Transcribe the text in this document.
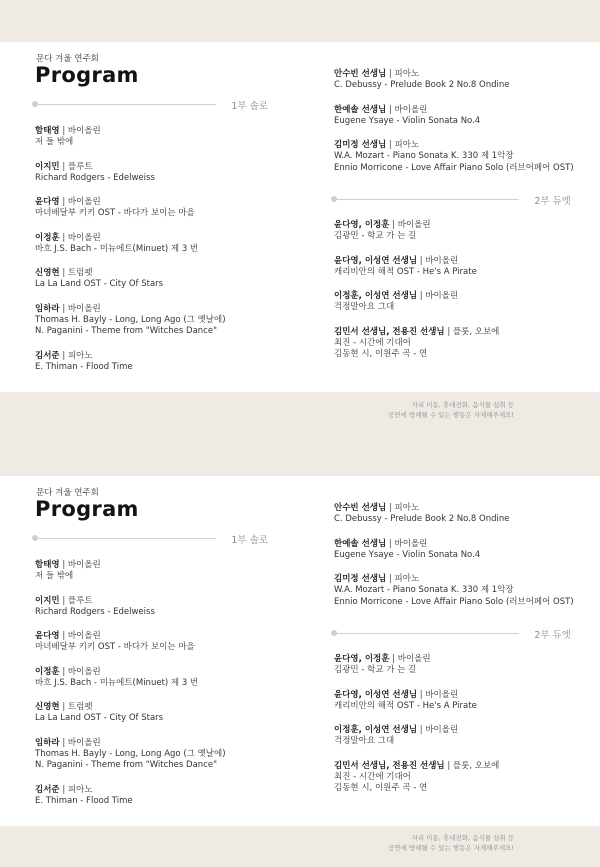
문다 겨울 연주회
Program
1부 솔로
함태영 | 바이올린
저 들 밖에
이지민 | 플루트
Richard Rodgers - Edelweiss
윤다영 | 바이올린
마녀배달부 키키 OST - 바다가 보이는 마을
이정훈 | 바이올린
바흐 J.S. Bach - 미뉴에트(Minuet) 제 3 번
신영현 | 트럼펫
La La Land OST - City Of Stars
임하라 | 바이올린
Thomas H. Bayly - Long, Long Ago (그 옛날에)
N. Paganini - Theme from "Witches Dance"
김서준 | 피아노
E. Thiman - Flood Time
안수빈 선생님 | 피아노
C. Debussy - Prelude Book 2 No.8 Ondine
한예솔 선생님 | 바이올린
Eugene Ysaye - Violin Sonata No.4
김미정 선생님 | 피아노
W.A. Mozart - Piano Sonata K. 330 제 1악장
Ennio Morricone - Love Affair Piano Solo (러브어페어 OST)
2부 듀엣
윤다영, 이정훈 | 바이올린
김광민 - 학교 가 는 길
윤다영, 이성연 선생님 | 바이올린
캐리비안의 해적 OST - He's A Pirate
이정훈, 이성연 선생님 | 바이올린
걱정말아요 그대
김민서 선생님, 전용진 선생님 | 플룻, 오보에
최진 - 시간에 기대어
김동현 시, 이원주 곡 - 연
자리 이동, 휴대전화, 음식물 섭취 등
공연에 방해될 수 있는 행동은 자제해주세요!
문다 겨울 연주회
Program
1부 솔로
함태영 | 바이올린
저 들 밖에
이지민 | 플루트
Richard Rodgers - Edelweiss
윤다영 | 바이올린
마녀배달부 키키 OST - 바다가 보이는 마을
이정훈 | 바이올린
바흐 J.S. Bach - 미뉴에트(Minuet) 제 3 번
신영현 | 트럼펫
La La Land OST - City Of Stars
임하라 | 바이올린
Thomas H. Bayly - Long, Long Ago (그 옛날에)
N. Paganini - Theme from "Witches Dance"
김서준 | 피아노
E. Thiman - Flood Time
안수빈 선생님 | 피아노
C. Debussy - Prelude Book 2 No.8 Ondine
한예솔 선생님 | 바이올린
Eugene Ysaye - Violin Sonata No.4
김미정 선생님 | 피아노
W.A. Mozart - Piano Sonata K. 330 제 1악장
Ennio Morricone - Love Affair Piano Solo (러브어페어 OST)
2부 듀엣
윤다영, 이정훈 | 바이올린
김광민 - 학교 가 는 길
윤다영, 이성연 선생님 | 바이올린
캐리비안의 해적 OST - He's A Pirate
이정훈, 이성연 선생님 | 바이올린
걱정말아요 그대
김민서 선생님, 전용진 선생님 | 플룻, 오보에
최진 - 시간에 기대어
김동현 시, 이원주 곡 - 연
자리 이동, 휴대전화, 음식물 섭취 등
공연에 방해될 수 있는 행동은 자제해주세요!
